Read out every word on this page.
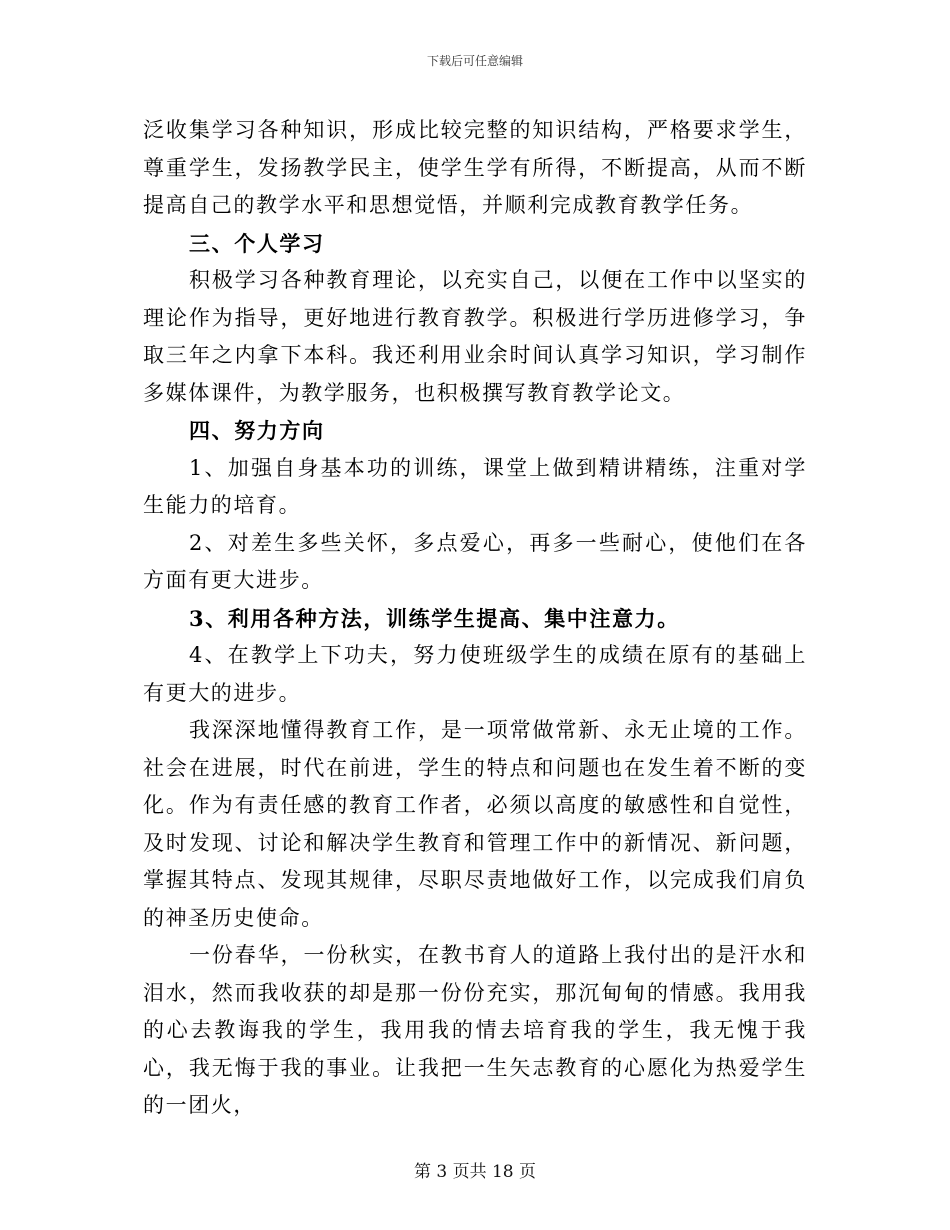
下载后可任意编辑

泛收集学习各种知识，形成比较完整的知识结构，严格要求学生，尊重学生，发扬教学民主，使学生学有所得，不断提高，从而不断提高自己的教学水平和思想觉悟，并顺利完成教育教学任务。

三、个人学习

积极学习各种教育理论，以充实自己，以便在工作中以坚实的理论作为指导，更好地进行教育教学。积极进行学历进修学习，争取三年之内拿下本科。我还利用业余时间认真学习知识，学习制作多媒体课件，为教学服务，也积极撰写教育教学论文。

四、努力方向

1、加强自身基本功的训练，课堂上做到精讲精练，注重对学生能力的培育。

2、对差生多些关怀，多点爱心，再多一些耐心，使他们在各方面有更大进步。

3、利用各种方法，训练学生提高、集中注意力。

4、在教学上下功夫，努力使班级学生的成绩在原有的基础上有更大的进步。

我深深地懂得教育工作，是一项常做常新、永无止境的工作。社会在进展，时代在前进，学生的特点和问题也在发生着不断的变化。作为有责任感的教育工作者，必须以高度的敏感性和自觉性，及时发现、讨论和解决学生教育和管理工作中的新情况、新问题，掌握其特点、发现其规律，尽职尽责地做好工作，以完成我们肩负的神圣历史使命。

一份春华，一份秋实，在教书育人的道路上我付出的是汗水和泪水，然而我收获的却是那一份份充实，那沉甸甸的情感。我用我的心去教诲我的学生，我用我的情去培育我的学生，我无愧于我心，我无悔于我的事业。让我把一生矢志教育的心愿化为热爱学生的一团火，

第 3 页共 18 页
